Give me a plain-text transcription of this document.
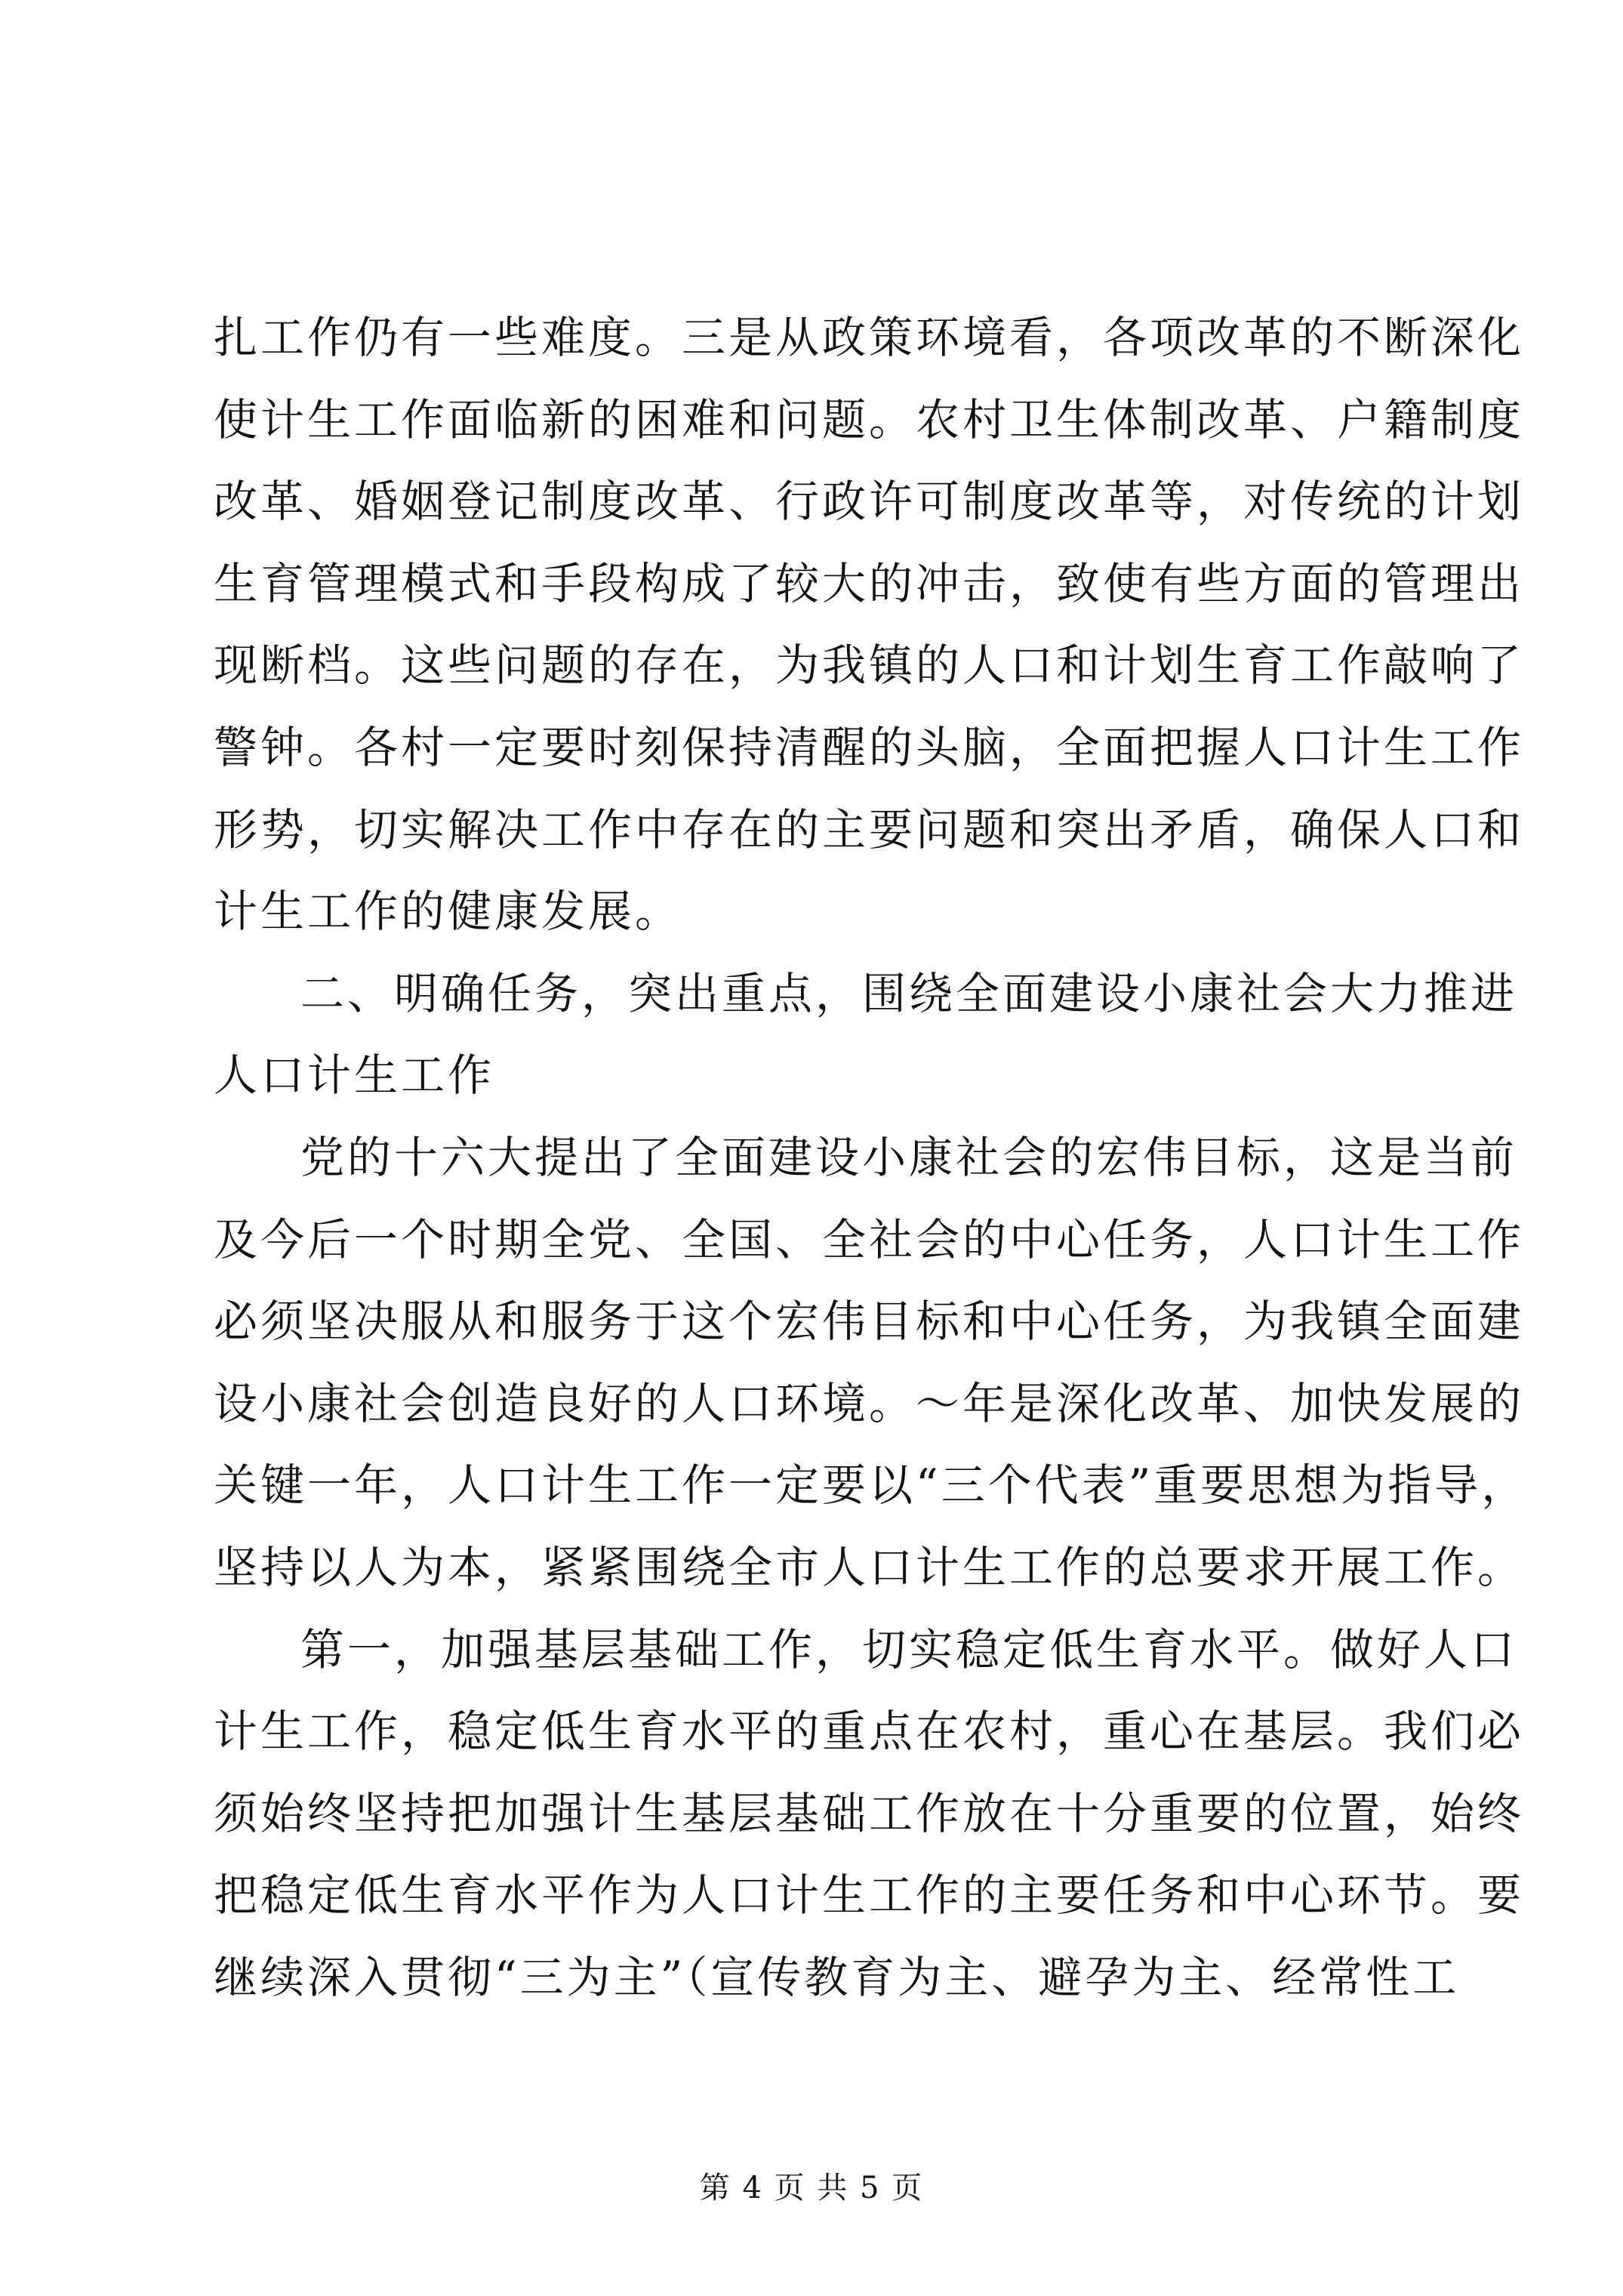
扎工作仍有一些难度。三是从政策环境看，各项改革的不断深化
使计生工作面临新的困难和问题。农村卫生体制改革、户籍制度
改革、婚姻登记制度改革、行政许可制度改革等，对传统的计划
生育管理模式和手段构成了较大的冲击，致使有些方面的管理出
现断档。这些问题的存在，为我镇的人口和计划生育工作敲响了
警钟。各村一定要时刻保持清醒的头脑，全面把握人口计生工作
形势，切实解决工作中存在的主要问题和突出矛盾，确保人口和
计生工作的健康发展。
二、明确任务，突出重点，围绕全面建设小康社会大力推进
人口计生工作
党的十六大提出了全面建设小康社会的宏伟目标，这是当前
及今后一个时期全党、全国、全社会的中心任务，人口计生工作
必须坚决服从和服务于这个宏伟目标和中心任务，为我镇全面建
设小康社会创造良好的人口环境。～年是深化改革、加快发展的
关键一年，人口计生工作一定要以“三个代表”重要思想为指导，
坚持以人为本，紧紧围绕全市人口计生工作的总要求开展工作。
第一，加强基层基础工作，切实稳定低生育水平。做好人口
计生工作，稳定低生育水平的重点在农村，重心在基层。我们必
须始终坚持把加强计生基层基础工作放在十分重要的位置，始终
把稳定低生育水平作为人口计生工作的主要任务和中心环节。要
继续深入贯彻“三为主”（宣传教育为主、避孕为主、经常性工
第 4 页 共 5 页
